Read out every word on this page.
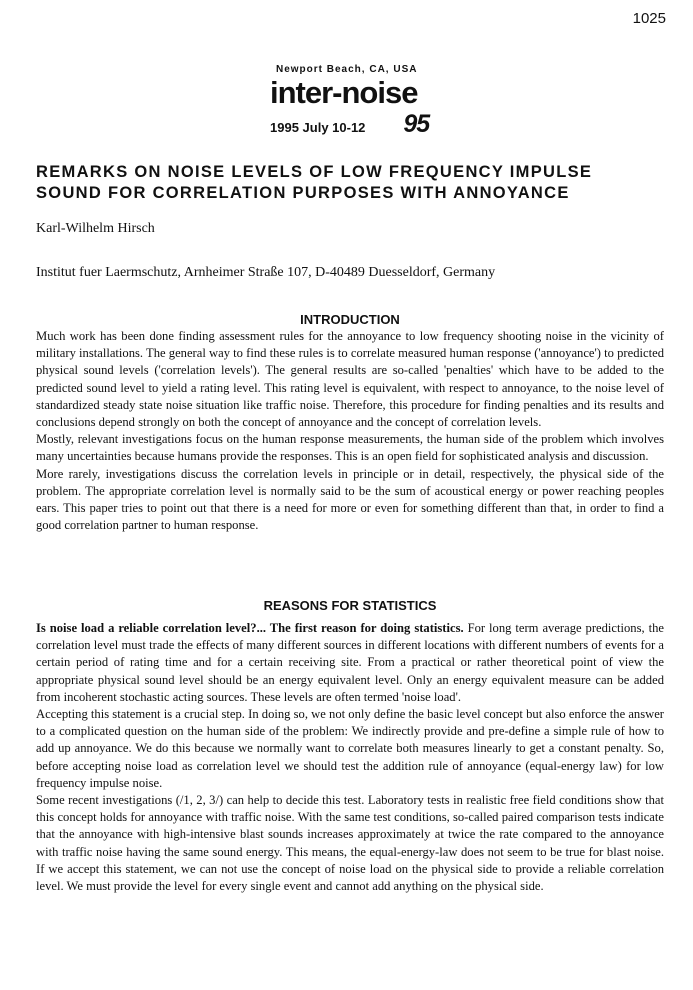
1025
Newport Beach, CA, USA
inter-noise
1995 July 10-12 95
REMARKS ON NOISE LEVELS OF LOW FREQUENCY IMPULSE
SOUND FOR CORRELATION PURPOSES WITH ANNOYANCE
Karl-Wilhelm Hirsch
Institut fuer Laermschutz, Arnheimer Straße 107, D-40489 Duesseldorf, Germany
INTRODUCTION

Much work has been done finding assessment rules for the annoyance to low frequency shooting noise in the vicinity of military installations. The general way to find these rules is to correlate measured human response ('annoyance') to predicted physical sound levels ('correlation levels'). The general results are so-called 'penalties' which have to be added to the predicted sound level to yield a rating level. This rating level is equivalent, with respect to annoyance, to the noise level of standardized steady state noise situation like traffic noise. Therefore, this procedure for finding penalties and its results and conclusions depend strongly on both the concept of annoyance and the concept of correlation levels.

Mostly, relevant investigations focus on the human response measurements, the human side of the problem which involves many uncertainties because humans provide the responses. This is an open field for sophisticated analysis and discussion.

More rarely, investigations discuss the correlation levels in principle or in detail, respectively, the physical side of the problem. The appropriate correlation level is normally said to be the sum of acoustical energy or power reaching peoples ears. This paper tries to point out that there is a need for more or even for something different than that, in order to find a good correlation partner to human response.

REASONS FOR STATISTICS

Is noise load a reliable correlation level?... The first reason for doing statistics. For long term average predictions, the correlation level must trade the effects of many different sources in different locations with different numbers of events for a certain period of rating time and for a certain receiving site. From a practical or rather theoretical point of view the appropriate physical sound level should be an energy equivalent level. Only an energy equivalent measure can be added from incoherent stochastic acting sources. These levels are often termed 'noise load'.

Accepting this statement is a crucial step. In doing so, we not only define the basic level concept but also enforce the answer to a complicated question on the human side of the problem: We indirectly provide and pre-define a simple rule of how to add up annoyance. We do this because we normally want to correlate both measures linearly to get a constant penalty. So, before accepting noise load as correlation level we should test the addition rule of annoyance (equal-energy law) for low frequency impulse noise.

Some recent investigations (/1, 2, 3/) can help to decide this test. Laboratory tests in realistic free field conditions show that this concept holds for annoyance with traffic noise. With the same test conditions, so-called paired comparison tests indicate that the annoyance with high-intensive blast sounds increases approximately at twice the rate compared to the annoyance with traffic noise having the same sound energy. This means, the equal-energy-law does not seem to be true for blast noise. If we accept this statement, we can not use the concept of noise load on the physical side to provide a reliable correlation level. We must provide the level for every single event and cannot add anything on the physical side.
